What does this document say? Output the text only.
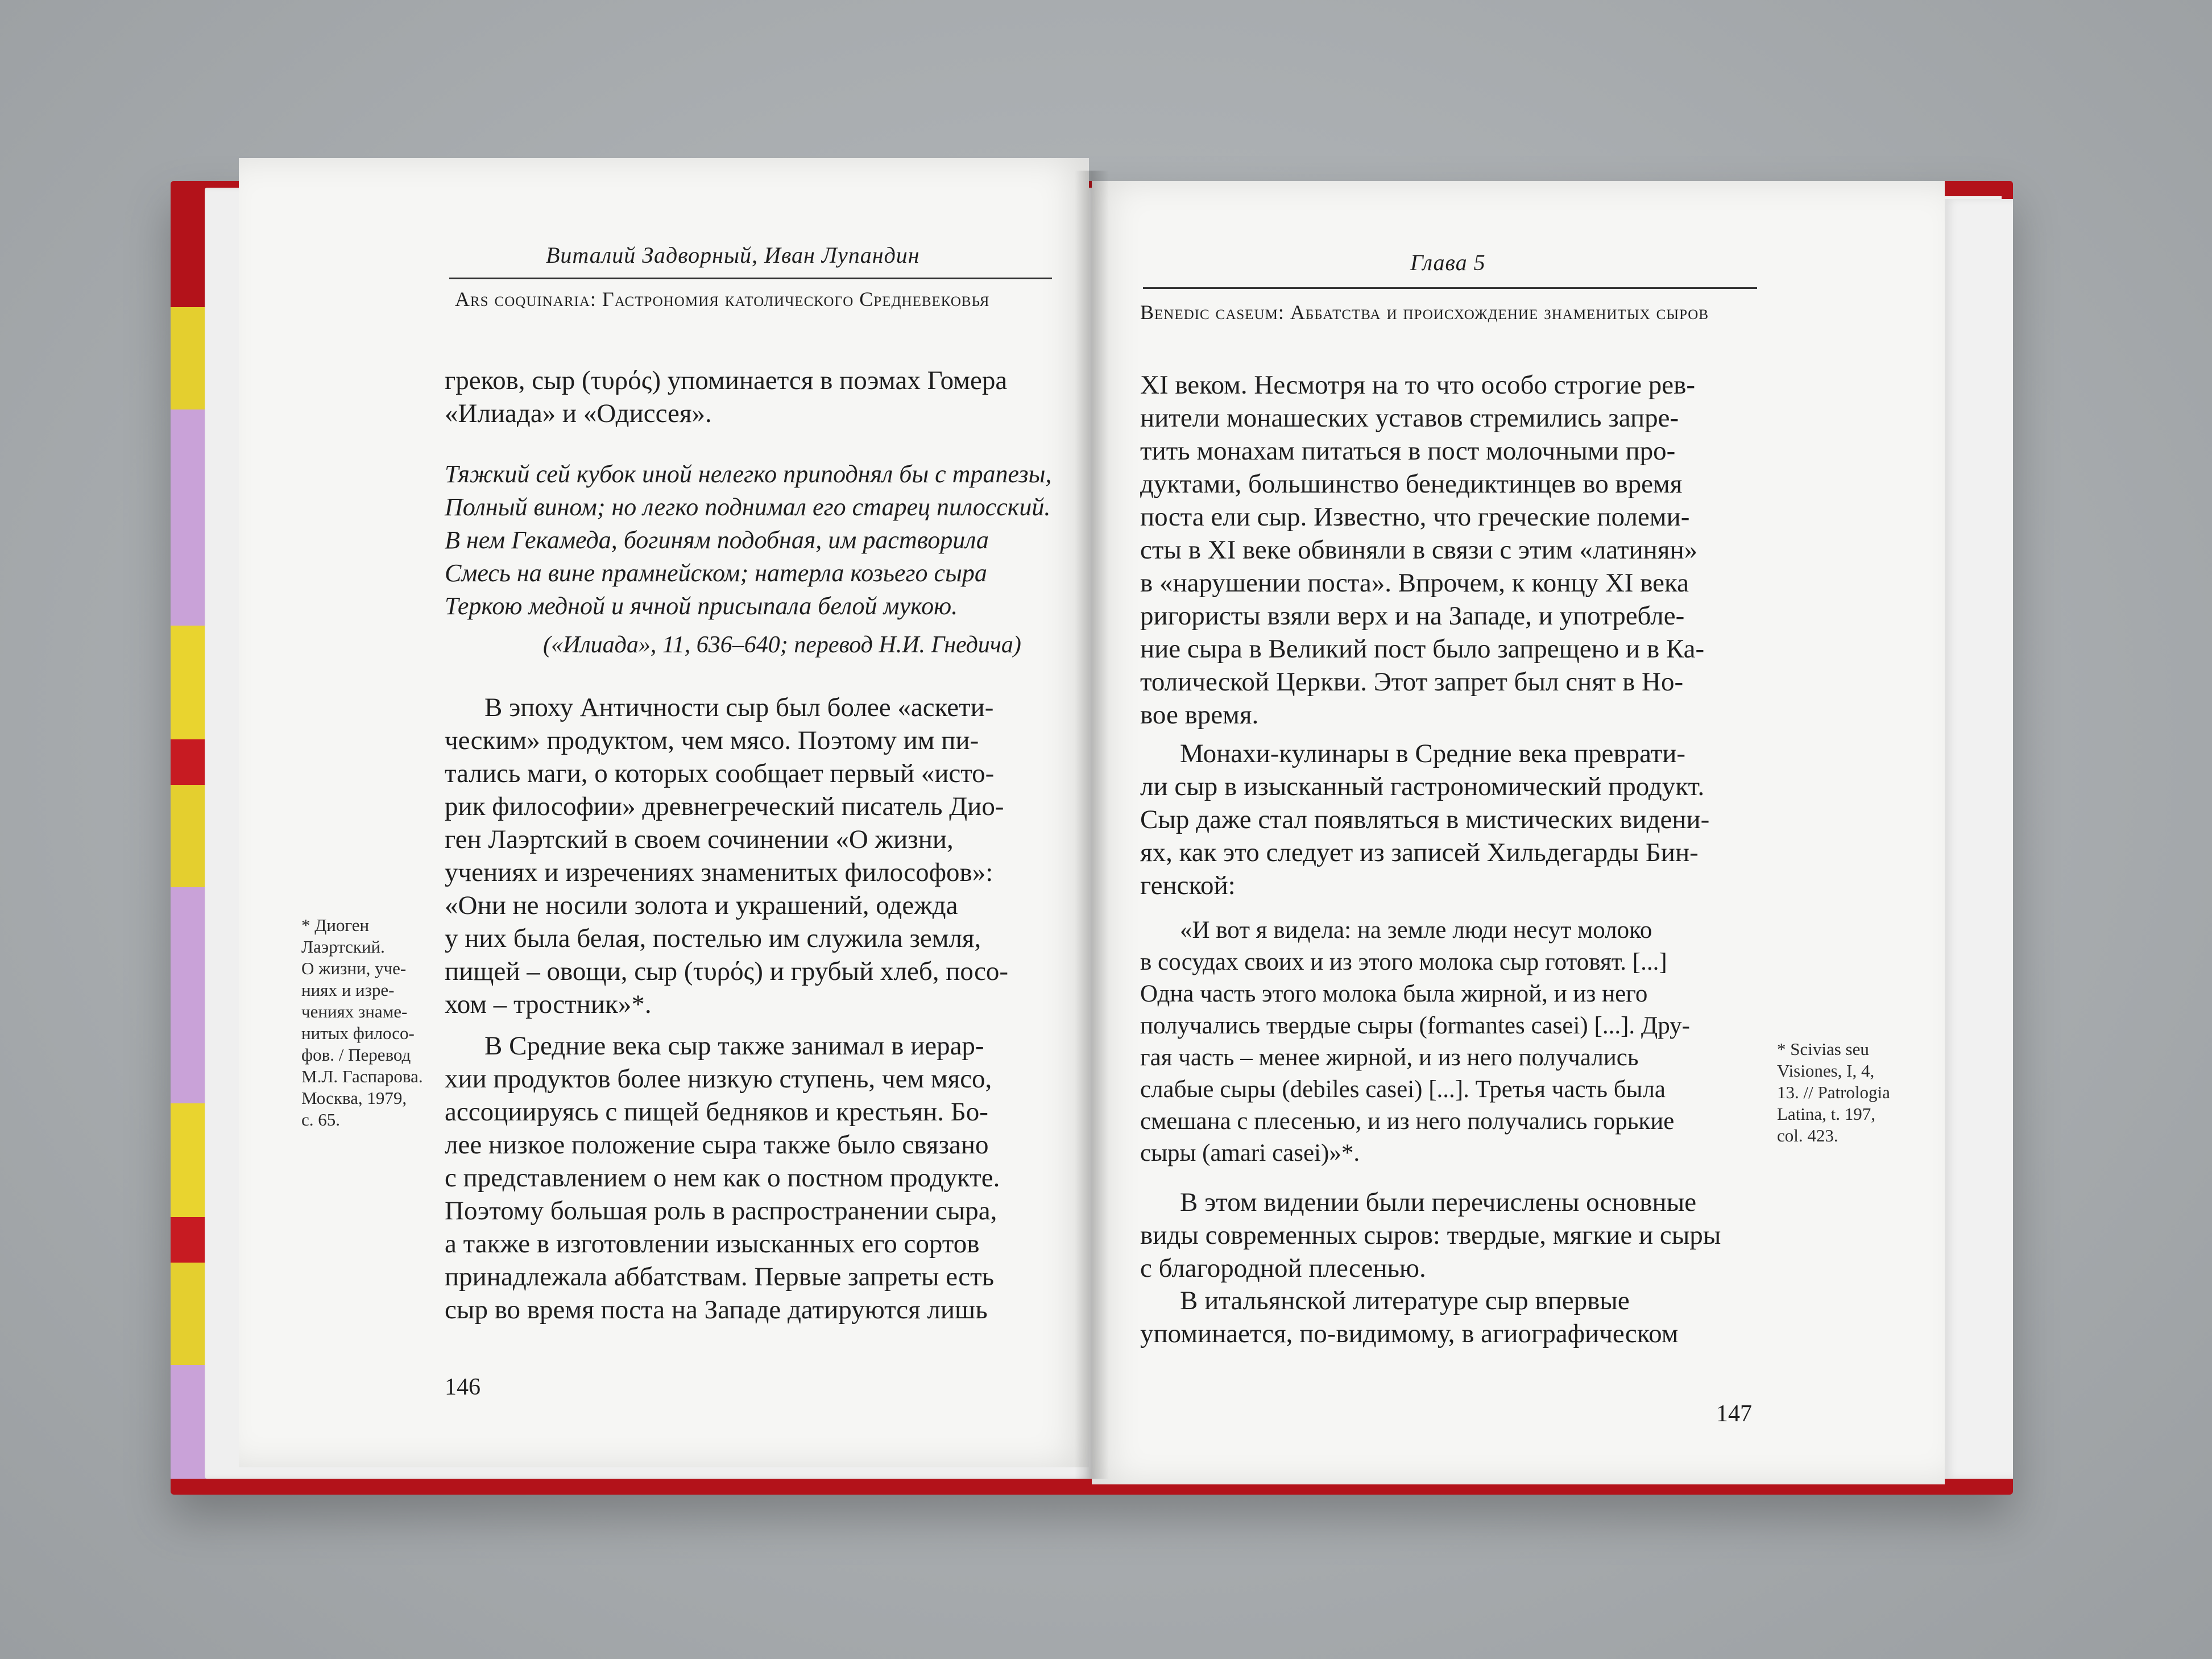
Виталий Задворный, Иван Лупандин
Ars coquinaria: Гастрономия католического Средневековья
греков, сыр (τυρός) упоминается в поэмах Гомера
«Илиада» и «Одиссея».
Тяжкий сей кубок иной нелегко приподнял бы с трапезы,
Полный вином; но легко поднимал его старец пилосский.
В нем Гекамеда, богиням подобная, им растворила
Смесь на вине прамнейском; натерла козьего сыра
Теркою медной и ячной присыпала белой мукою.
(«Илиада», 11, 636–640; перевод Н.И. Гнедича)
В эпоху Античности сыр был более «аскети-
ческим» продуктом, чем мясо. Поэтому им пи-
тались маги, о которых сообщает первый «исто-
рик философии» древнегреческий писатель Дио-
ген Лаэртский в своем сочинении «О жизни,
учениях и изречениях знаменитых философов»:
«Они не носили золота и украшений, одежда
у них была белая, постелью им служила земля,
пищей – овощи, сыр (τυρός) и грубый хлеб, посо-
хом – тростник»*.
В Средние века сыр также занимал в иерар-
хии продуктов более низкую ступень, чем мясо,
ассоциируясь с пищей бедняков и крестьян. Бо-
лее низкое положение сыра также было связано
с представлением о нем как о постном продукте.
Поэтому большая роль в распространении сыра,
а также в изготовлении изысканных его сортов
принадлежала аббатствам. Первые запреты есть
сыр во время поста на Западе датируются лишь
* Диоген
Лаэртский.
О жизни, уче-
ниях и изре-
чениях знаме-
нитых филосо-
фов. / Перевод
М.Л. Гаспарова.
Москва, 1979,
с. 65.
146
Глава 5
Benedic caseum: Аббатства и происхождение знаменитых сыров
XI веком. Несмотря на то что особо строгие рев-
нители монашеских уставов стремились запре-
тить монахам питаться в пост молочными про-
дуктами, большинство бенедиктинцев во время
поста ели сыр. Известно, что греческие полеми-
сты в XI веке обвиняли в связи с этим «латинян»
в «нарушении поста». Впрочем, к концу XI века
ригористы взяли верх и на Западе, и употребле-
ние сыра в Великий пост было запрещено и в Ка-
толической Церкви. Этот запрет был снят в Но-
вое время.
Монахи-кулинары в Средние века преврати-
ли сыр в изысканный гастрономический продукт.
Сыр даже стал появляться в мистических видени-
ях, как это следует из записей Хильдегарды Бин-
генской:
«И вот я видела: на земле люди несут молоко
в сосудах своих и из этого молока сыр готовят. [...]
Одна часть этого молока была жирной, и из него
получались твердые сыры (formantes casei) [...]. Дру-
гая часть – менее жирной, и из него получались
слабые сыры (debiles casei) [...]. Третья часть была
смешана с плесенью, и из него получались горькие
сыры (amari casei)»*.
В этом видении были перечислены основные
виды современных сыров: твердые, мягкие и сыры
с благородной плесенью.
В итальянской литературе сыр впервые
упоминается, по-видимому, в агиографическом
* Scivias seu
Visiones, I, 4,
13. // Patrologia
Latina, t. 197,
col. 423.
147
